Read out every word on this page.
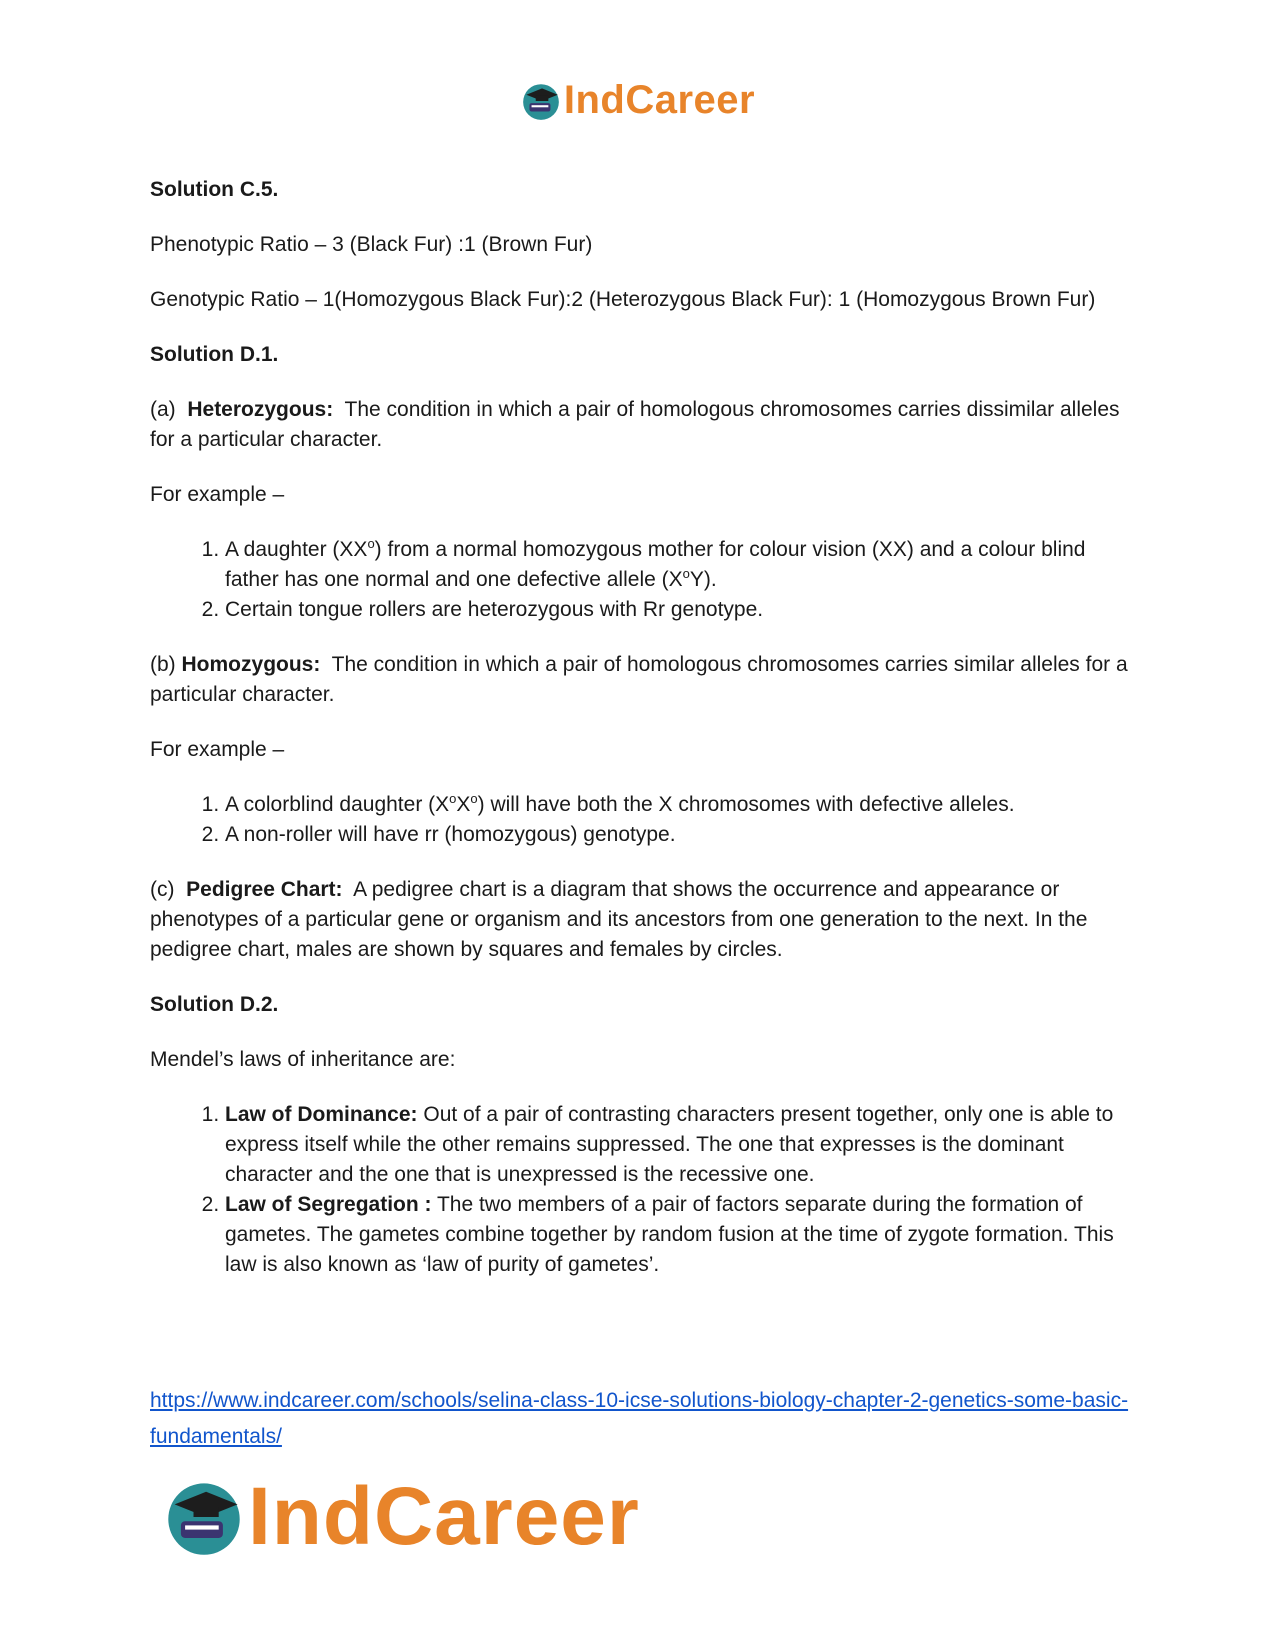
IndCareer

Solution C.5.

Phenotypic Ratio – 3 (Black Fur) :1 (Brown Fur)

Genotypic Ratio – 1(Homozygous Black Fur):2 (Heterozygous Black Fur): 1 (Homozygous Brown Fur)

Solution D.1.

(a) Heterozygous: The condition in which a pair of homologous chromosomes carries dissimilar alleles for a particular character.

For example –

1. A daughter $(XX^o)$ from a normal homozygous mother for colour vision (XX) and a colour blind father has one normal and one defective allele $(X^oY)$.
2. Certain tongue rollers are heterozygous with Rr genotype.

(b) Homozygous: The condition in which a pair of homologous chromosomes carries similar alleles for a particular character.

For example –

1. A colorblind daughter $(X^oX^o)$ will have both the X chromosomes with defective alleles.
2. A non-roller will have rr (homozygous) genotype.

(c) Pedigree Chart: A pedigree chart is a diagram that shows the occurrence and appearance or phenotypes of a particular gene or organism and its ancestors from one generation to the next. In the pedigree chart, males are shown by squares and females by circles.

Solution D.2.

Mendel’s laws of inheritance are:

1. Law of Dominance: Out of a pair of contrasting characters present together, only one is able to express itself while the other remains suppressed. The one that expresses is the dominant character and the one that is unexpressed is the recessive one.
2. Law of Segregation : The two members of a pair of factors separate during the formation of gametes. The gametes combine together by random fusion at the time of zygote formation. This law is also known as ‘law of purity of gametes’.
https://www.indcareer.com/schools/selina-class-10-icse-solutions-biology-chapter-2-genetics-some-basic-fundamentals/
IndCareer
